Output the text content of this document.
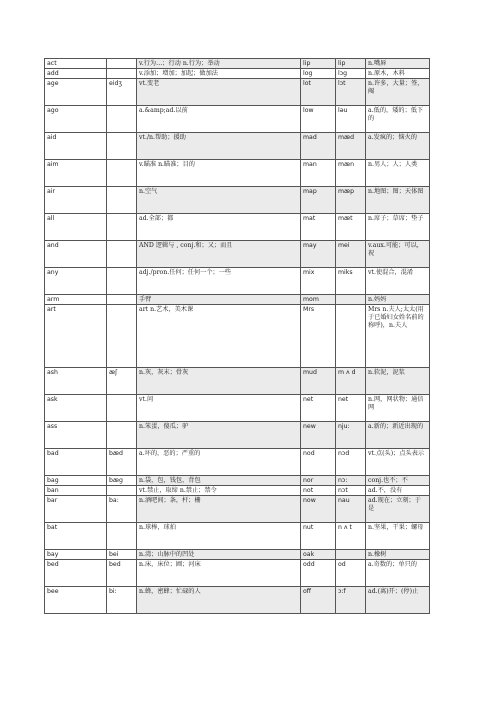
act		v.行为…；行动 n.行为；举动	lip	lip	n.嘴唇
add		v.添加；增加；加起；做加法	log	lɔg	n.原木，木料
age	eidʒ	vt.变老	lot	lɔt	n.许多，大量；签，阄
ago		a.&amp;ad.以前	low	ləu	a.低的，矮的；低下的
aid		vt./n.帮助；援助	mad	mæd	a.发疯的；恼火的
aim		v.瞄准 n.瞄准；目的	man	mæn	n.男人；人；人类
air		n.空气	map	mæp	n.地图；图；天体图
all		ad.全部；都	mat	mæt	n.席子；草席；垫子
and		AND 逻辑与 , conj.和；又；而且	may	mei	v.aux.可能；可以，祝
any		adj./pron.任何；任何一个；一些	mix	miks	vt.使混合，混淆
arm		手臂	mom		n.妈妈
art		art n.艺术，美术课	Mrs		Mrs n.夫人;太太(用于已婚妇女姓名前的称呼)，n.夫人
ash	æʃ	n.灰，灰末；骨灰	mud	m ʌ d	n.软泥，泥浆
ask		vt.问	net	net	n.网，网状物；通信网
ass		n.笨蛋，傻瓜；驴	new	nju:	a.新的；新近出现的
bad	bæd	a.坏的，恶的；严重的	nod	nɔd	vt.点(头)；点头表示
bag	bæg	n.袋，包，钱包，背包	nor	nɔ:	conj.也不；不
ban		vt.禁止，取缔 n.禁止；禁令	not	nɔt	ad.不，没有
bar	ba:	n.酒吧间；条，杆；栅	now	nau	ad.现在；立刻；于是
bat		n.球棒，球拍	nut	n ʌ t	n.坚果，干果；螺母
bay	bei	n.湾；山脉中的凹处	oak		n.橡树
bed	bed	n.床，床位；圃；河床	odd	od	a.奇数的；单只的
bee	bi:	n.蜂，密蜂；忙碌的人	off	ɔ:f	ad.(离)开；(停)止
